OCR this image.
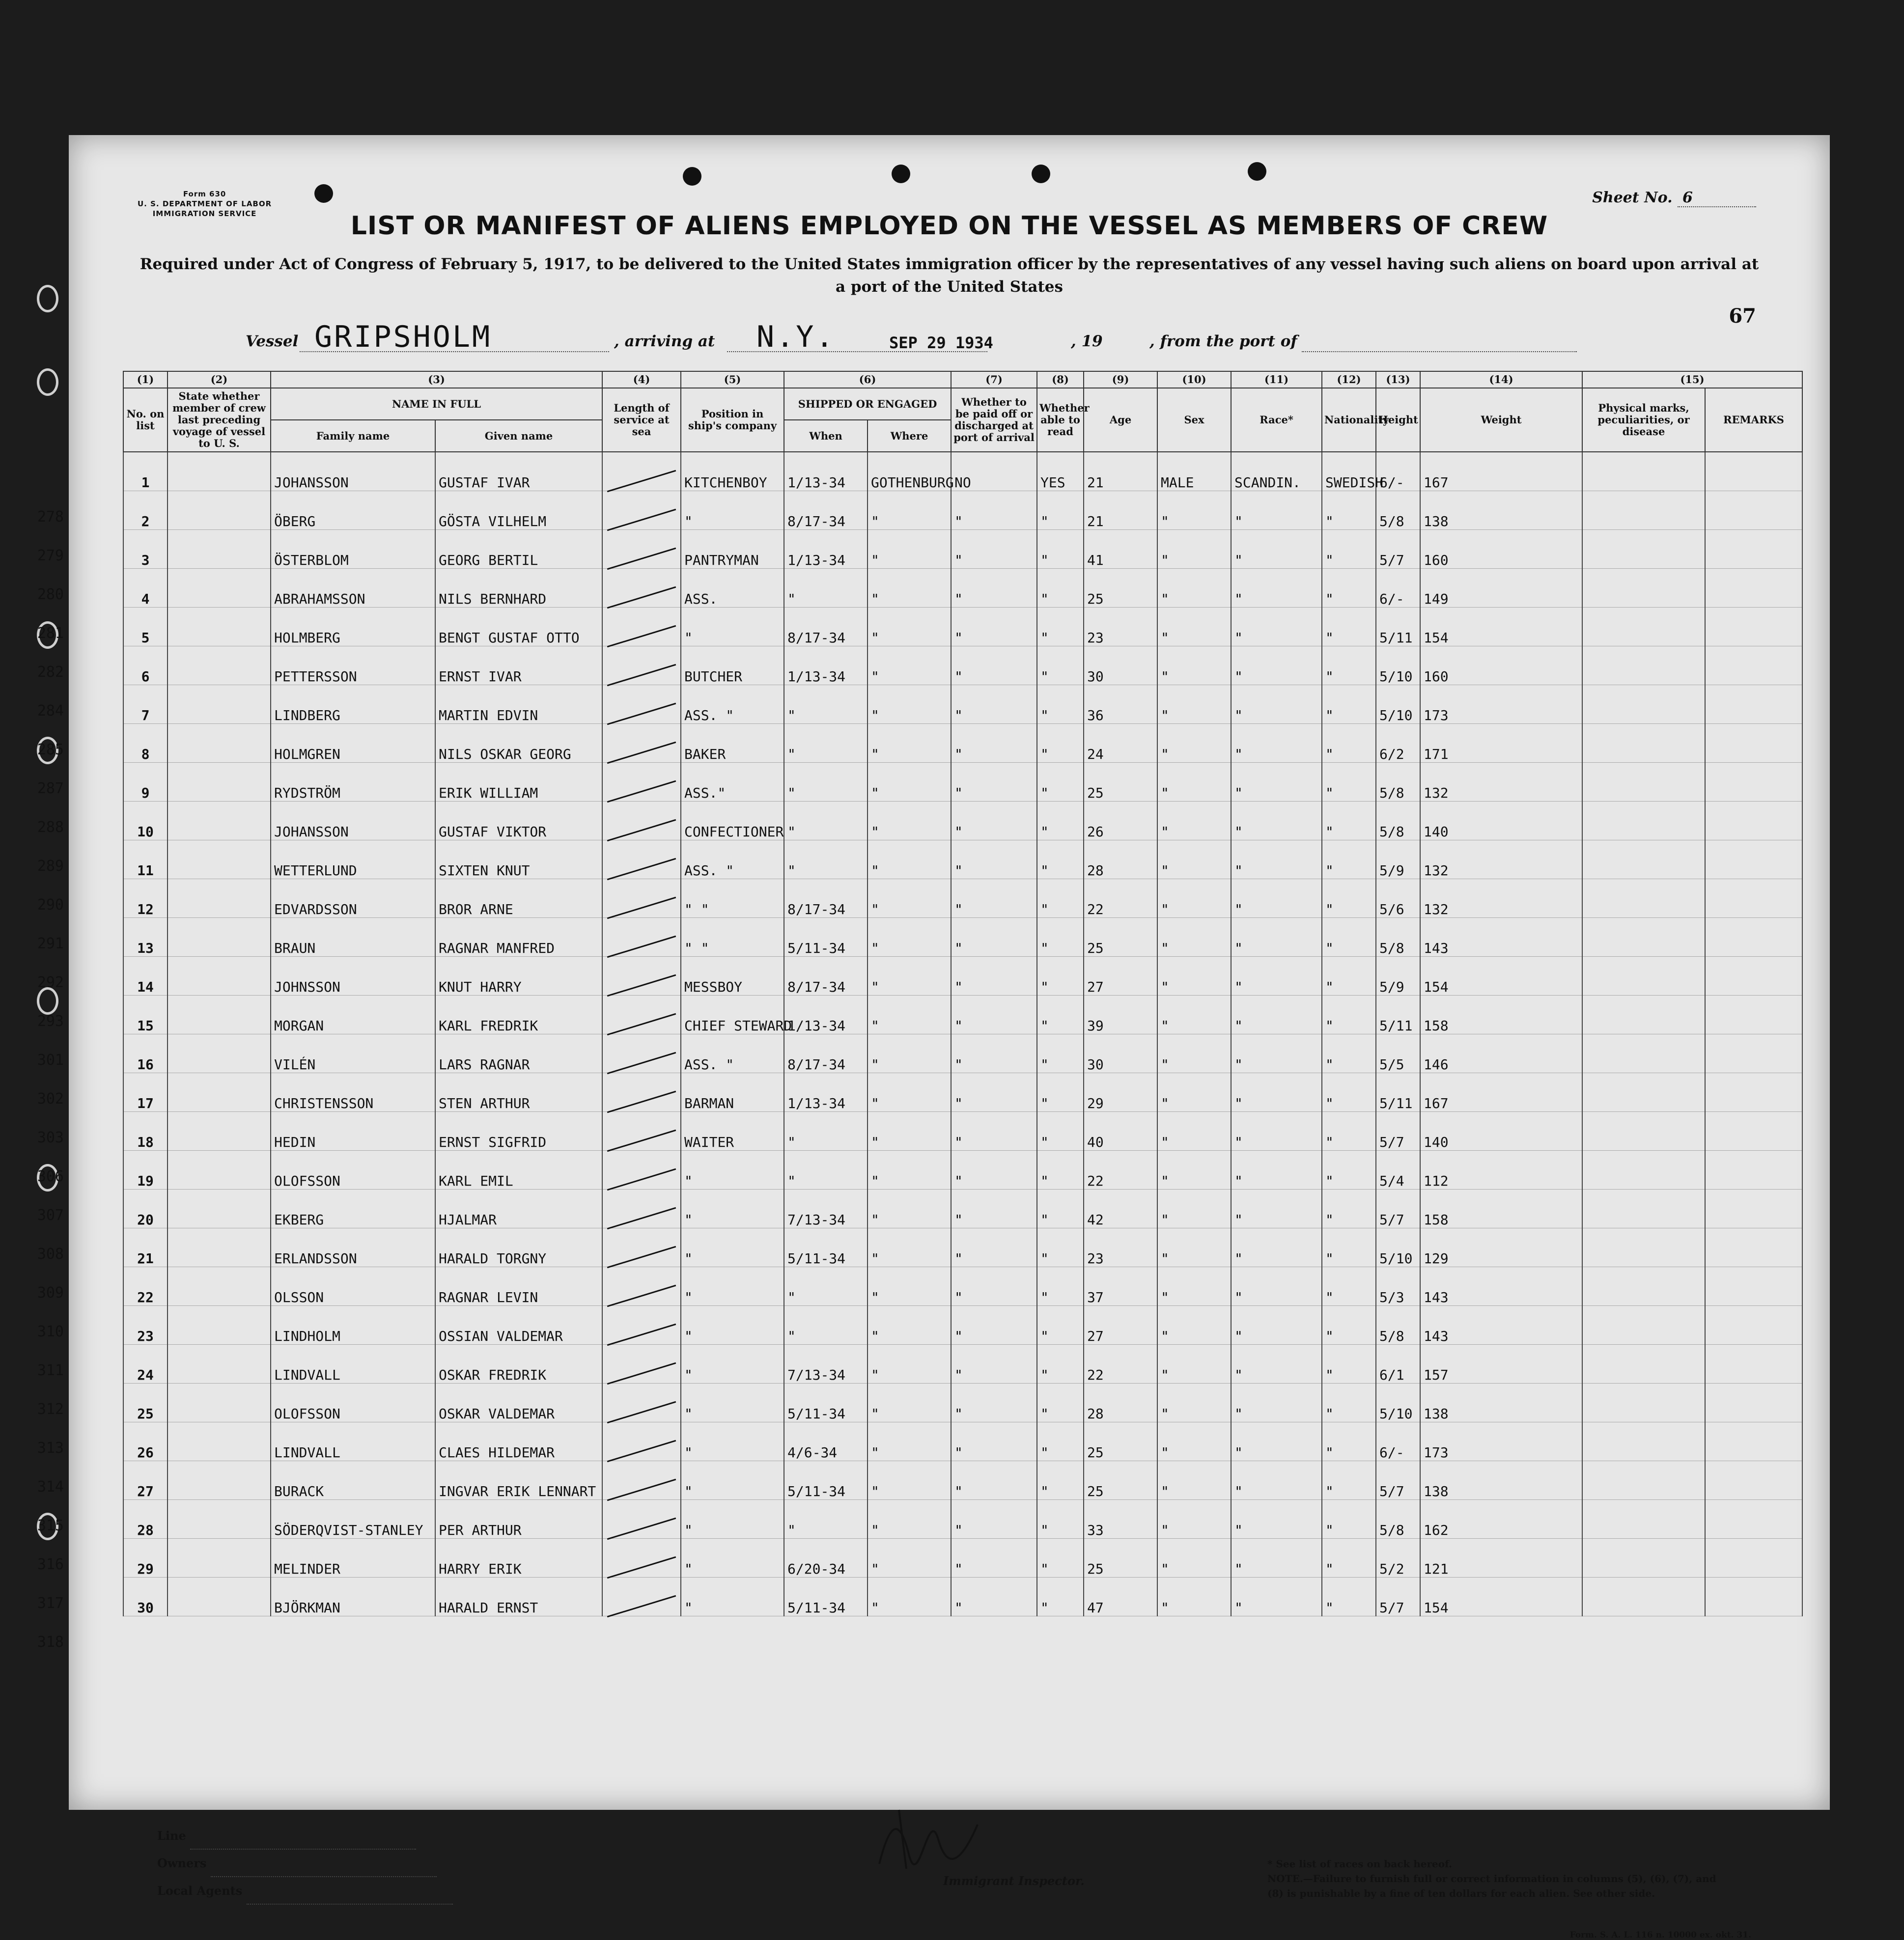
Form 630
U. S. DEPARTMENT OF LABOR
IMMIGRATION SERVICE
Sheet No. 6
LIST OR MANIFEST OF ALIENS EMPLOYED ON THE VESSEL AS MEMBERS OF CREW
Required under Act of Congress of February 5, 1917, to be delivered to the United States immigration officer by the representatives of any vessel having such aliens on board upon arrival at a port of the United States
67
Vessel GRIPSHOLM	, arriving at N.Y.	SEP 29 1934	, 19	, from the port of
(1)	(2)	(3)		(4)	(5)	(6)		(7)	(8)	(9)	(10)	(11)	(12)	(13)	(14)	(15)	
No. on list	State whether member of crew last preceding voyage of vessel to U. S.	NAME IN FULL		Length of service at sea	Position in ship's company	SHIPPED OR ENGAGED		Whether to be paid off or discharged at port of arrival	Whether able to read	Age	Sex	Race*	Nationality	Height	Weight	Physical marks, peculiarities, or disease	REMARKS
		Family name	Given name			When	Where										
1		JOHANSSON	GUSTAF IVAR		KITCHENBOY	1/13-34	GOTHENBURG	NO	YES	21	MALE	SCANDIN.	SWEDISH	6/-	167		
2		ÖBERG	GÖSTA VILHELM		"	8/17-34	"	"	"	21	"	"	"	5/8	138		
3		ÖSTERBLOM	GEORG BERTIL		PANTRYMAN	1/13-34	"	"	"	41	"	"	"	5/7	160		
4		ABRAHAMSSON	NILS BERNHARD		ASS.	"	"	"	"	25	"	"	"	6/-	149		
5		HOLMBERG	BENGT GUSTAF OTTO		"	8/17-34	"	"	"	23	"	"	"	5/11	154		
6		PETTERSSON	ERNST IVAR		BUTCHER	1/13-34	"	"	"	30	"	"	"	5/10	160		
7		LINDBERG	MARTIN EDVIN		ASS. "	"	"	"	"	36	"	"	"	5/10	173		
8		HOLMGREN	NILS OSKAR GEORG		BAKER	"	"	"	"	24	"	"	"	6/2	171		
9		RYDSTRÖM	ERIK WILLIAM		ASS."	"	"	"	"	25	"	"	"	5/8	132		
10		JOHANSSON	GUSTAF VIKTOR		CONFECTIONER	"	"	"	"	26	"	"	"	5/8	140		
11		WETTERLUND	SIXTEN KNUT		ASS. "	"	"	"	"	28	"	"	"	5/9	132		
12		EDVARDSSON	BROR ARNE		" "	8/17-34	"	"	"	22	"	"	"	5/6	132		
13		BRAUN	RAGNAR MANFRED		" "	5/11-34	"	"	"	25	"	"	"	5/8	143		
14		JOHNSSON	KNUT HARRY		MESSBOY	8/17-34	"	"	"	27	"	"	"	5/9	154		
15		MORGAN	KARL FREDRIK		CHIEF STEWARD	1/13-34	"	"	"	39	"	"	"	5/11	158		
16		VILÉN	LARS RAGNAR		ASS. "	8/17-34	"	"	"	30	"	"	"	5/5	146		
17		CHRISTENSSON	STEN ARTHUR		BARMAN	1/13-34	"	"	"	29	"	"	"	5/11	167		
18		HEDIN	ERNST SIGFRID		WAITER	"	"	"	"	40	"	"	"	5/7	140		
19		OLOFSSON	KARL EMIL		"	"	"	"	"	22	"	"	"	5/4	112		
20		EKBERG	HJALMAR		"	7/13-34	"	"	"	42	"	"	"	5/7	158		
21		ERLANDSSON	HARALD TORGNY		"	5/11-34	"	"	"	23	"	"	"	5/10	129		
22		OLSSON	RAGNAR LEVIN		"	"	"	"	"	37	"	"	"	5/3	143		
23		LINDHOLM	OSSIAN VALDEMAR		"	"	"	"	"	27	"	"	"	5/8	143		
24		LINDVALL	OSKAR FREDRIK		"	7/13-34	"	"	"	22	"	"	"	6/1	157		
25		OLOFSSON	OSKAR VALDEMAR		"	5/11-34	"	"	"	28	"	"	"	5/10	138		
26		LINDVALL	CLAES HILDEMAR		"	4/6-34	"	"	"	25	"	"	"	6/-	173		
27		BURACK	INGVAR ERIK LENNART		"	5/11-34	"	"	"	25	"	"	"	5/7	138		
28		SÖDERQVIST-STANLEY	PER ARTHUR		"	"	"	"	"	33	"	"	"	5/8	162		
29		MELINDER	HARRY ERIK		"	6/20-34	"	"	"	25	"	"	"	5/2	121		
30		BJÖRKMAN	HARALD ERNST		"	5/11-34	"	"	"	47	"	"	"	5/7	154		
Line
Owners
Local Agents
Immigrant Inspector.
* See list of races on back hereof.
NOTE.—Failure to furnish full or correct information in columns (5), (6), (7), and (8) is punishable by a fine of ten dollars for each alien. See other side.
Form. S. A. L. 116 n. 10000 ex. okt. 31.
278
279
280
281
282
284
285
287
288
289
290
291
292
293
301
302
303
306
307
308
309
310
311
312
313
314
315
316
317
318
